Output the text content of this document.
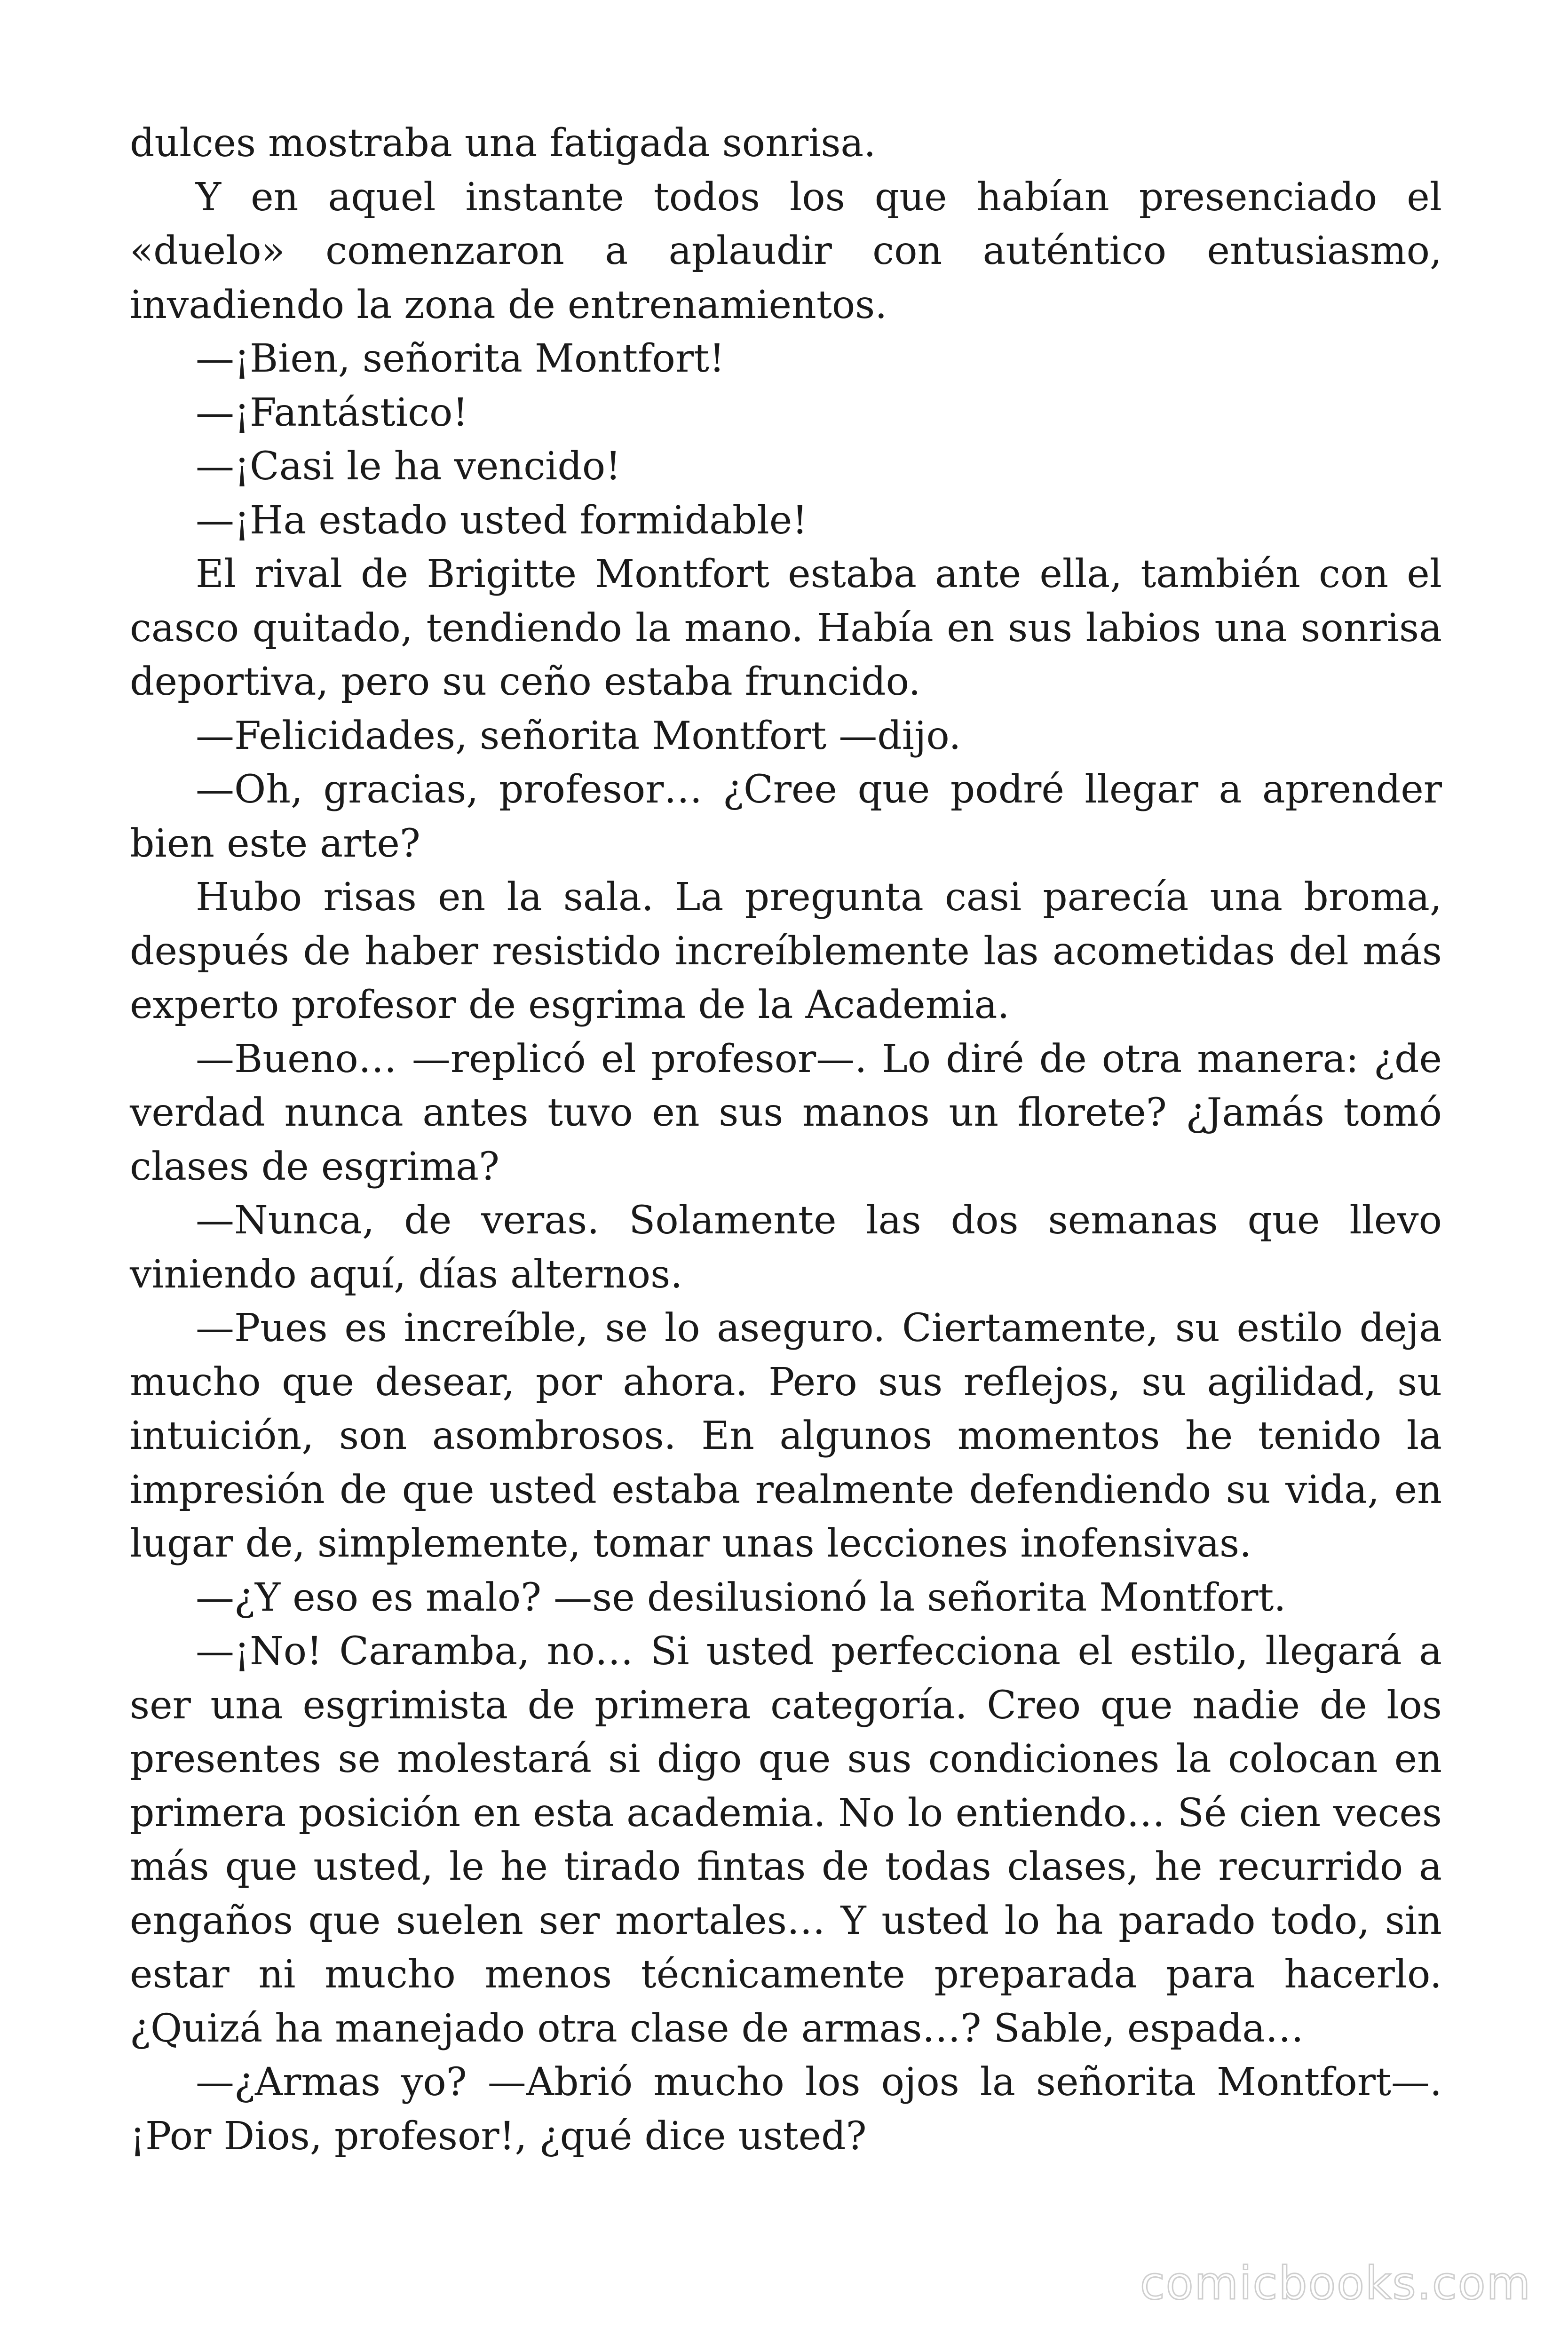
dulces mostraba una fatigada sonrisa.

Y en aquel instante todos los que habían presenciado el «duelo» comenzaron a aplaudir con auténtico entusiasmo, invadiendo la zona de entrenamientos.

—¡Bien, señorita Montfort!

—¡Fantástico!

—¡Casi le ha vencido!

—¡Ha estado usted formidable!

El rival de Brigitte Montfort estaba ante ella, también con el casco quitado, tendiendo la mano. Había en sus labios una sonrisa deportiva, pero su ceño estaba fruncido.

—Felicidades, señorita Montfort —dijo.

—Oh, gracias, profesor… ¿Cree que podré llegar a aprender bien este arte?

Hubo risas en la sala. La pregunta casi parecía una broma, después de haber resistido increíblemente las acometidas del más experto profesor de esgrima de la Academia.

—Bueno… —replicó el profesor—. Lo diré de otra manera: ¿de verdad nunca antes tuvo en sus manos un florete? ¿Jamás tomó clases de esgrima?

—Nunca, de veras. Solamente las dos semanas que llevo viniendo aquí, días alternos.

—Pues es increíble, se lo aseguro. Ciertamente, su estilo deja mucho que desear, por ahora. Pero sus reflejos, su agilidad, su intuición, son asombrosos. En algunos momentos he tenido la impresión de que usted estaba realmente defendiendo su vida, en lugar de, simplemente, tomar unas lecciones inofensivas.

—¿Y eso es malo? —se desilusionó la señorita Montfort.

—¡No! Caramba, no… Si usted perfecciona el estilo, llegará a ser una esgrimista de primera categoría. Creo que nadie de los presentes se molestará si digo que sus condiciones la colocan en primera posición en esta academia. No lo entiendo… Sé cien veces más que usted, le he tirado fintas de todas clases, he recurrido a engaños que suelen ser mortales… Y usted lo ha parado todo, sin estar ni mucho menos técnicamente preparada para hacerlo. ¿Quizá ha manejado otra clase de armas…? Sable, espada…

—¿Armas yo? —Abrió mucho los ojos la señorita Montfort—. ¡Por Dios, profesor!, ¿qué dice usted?

comicbooks.com
